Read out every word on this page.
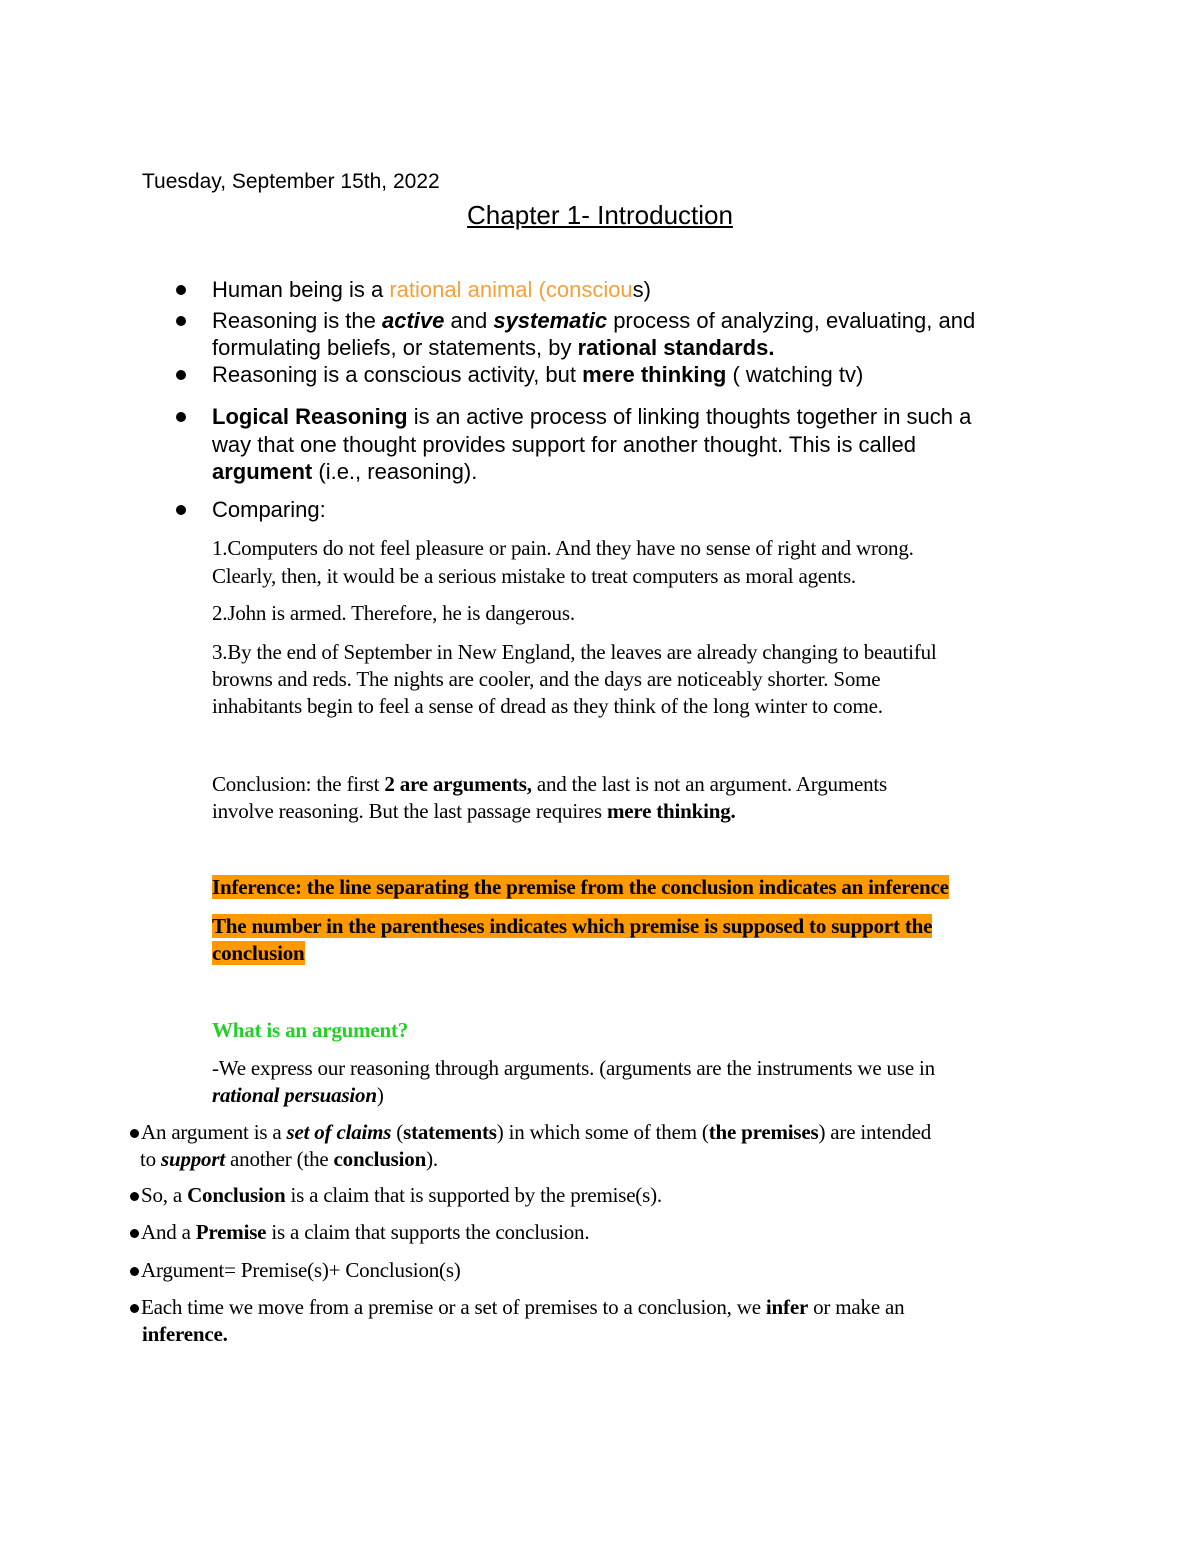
Tuesday, September 15th, 2022
Chapter 1- Introduction
Human being is a rational animal (conscious)
Reasoning is the active and systematic process of analyzing, evaluating, and
formulating beliefs, or statements, by rational standards.
Reasoning is a conscious activity, but mere thinking ( watching tv)
Logical Reasoning is an active process of linking thoughts together in such a
way that one thought provides support for another thought. This is called
argument (i.e., reasoning).
Comparing:
1.Computers do not feel pleasure or pain. And they have no sense of right and wrong.
Clearly, then, it would be a serious mistake to treat computers as moral agents.
2.John is armed. Therefore, he is dangerous.
3.By the end of September in New England, the leaves are already changing to beautiful
browns and reds. The nights are cooler, and the days are noticeably shorter. Some
inhabitants begin to feel a sense of dread as they think of the long winter to come.
Conclusion: the first 2 are arguments, and the last is not an argument. Arguments
involve reasoning. But the last passage requires mere thinking.
Inference: the line separating the premise from the conclusion indicates an inference
The number in the parentheses indicates which premise is supposed to support the
conclusion
What is an argument?
-We express our reasoning through arguments. (arguments are the instruments we use in
rational persuasion)
An argument is a set of claims (statements) in which some of them (the premises) are intended
to support another (the conclusion).
So, a Conclusion is a claim that is supported by the premise(s).
And a Premise is a claim that supports the conclusion.
Argument= Premise(s)+ Conclusion(s)
Each time we move from a premise or a set of premises to a conclusion, we infer or make an
inference.
